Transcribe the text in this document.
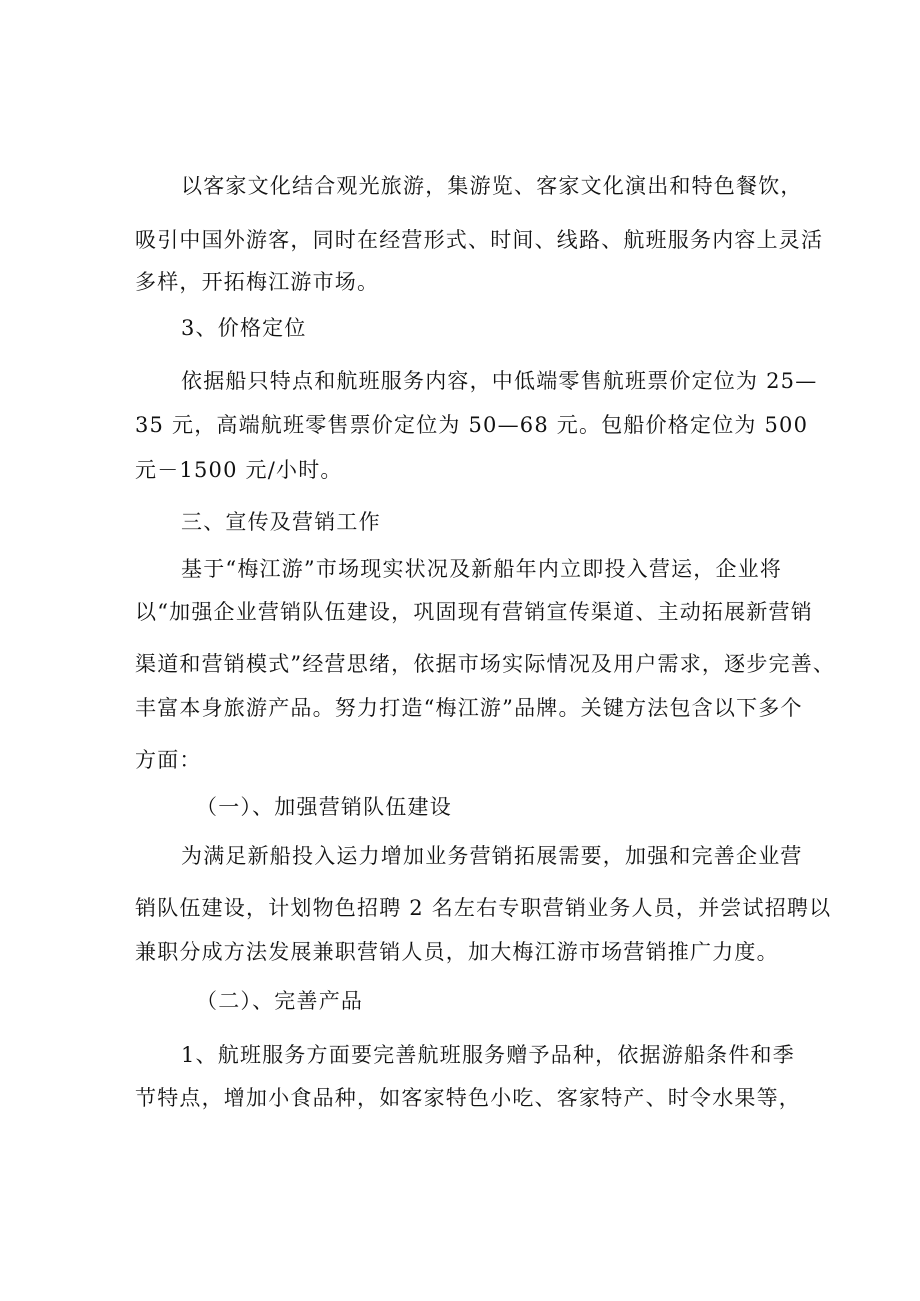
以客家文化结合观光旅游，集游览、客家文化演出和特色餐饮，
吸引中国外游客，同时在经营形式、时间、线路、航班服务内容上灵活
多样，开拓梅江游市场。
3、价格定位
依据船只特点和航班服务内容，中低端零售航班票价定位为 25—
35 元，高端航班零售票价定位为 50—68 元。包船价格定位为 500
元－1500 元/小时。
三、宣传及营销工作
基于“梅江游”市场现实状况及新船年内立即投入营运，企业将
以“加强企业营销队伍建设，巩固现有营销宣传渠道、主动拓展新营销
渠道和营销模式”经营思绪，依据市场实际情况及用户需求，逐步完善、
丰富本身旅游产品。努力打造“梅江游”品牌。关键方法包含以下多个
方面：
（一）、加强营销队伍建设
为满足新船投入运力增加业务营销拓展需要，加强和完善企业营
销队伍建设，计划物色招聘 2 名左右专职营销业务人员，并尝试招聘以
兼职分成方法发展兼职营销人员，加大梅江游市场营销推广力度。
（二）、完善产品
1、航班服务方面要完善航班服务赠予品种，依据游船条件和季
节特点，增加小食品种，如客家特色小吃、客家特产、时令水果等，
